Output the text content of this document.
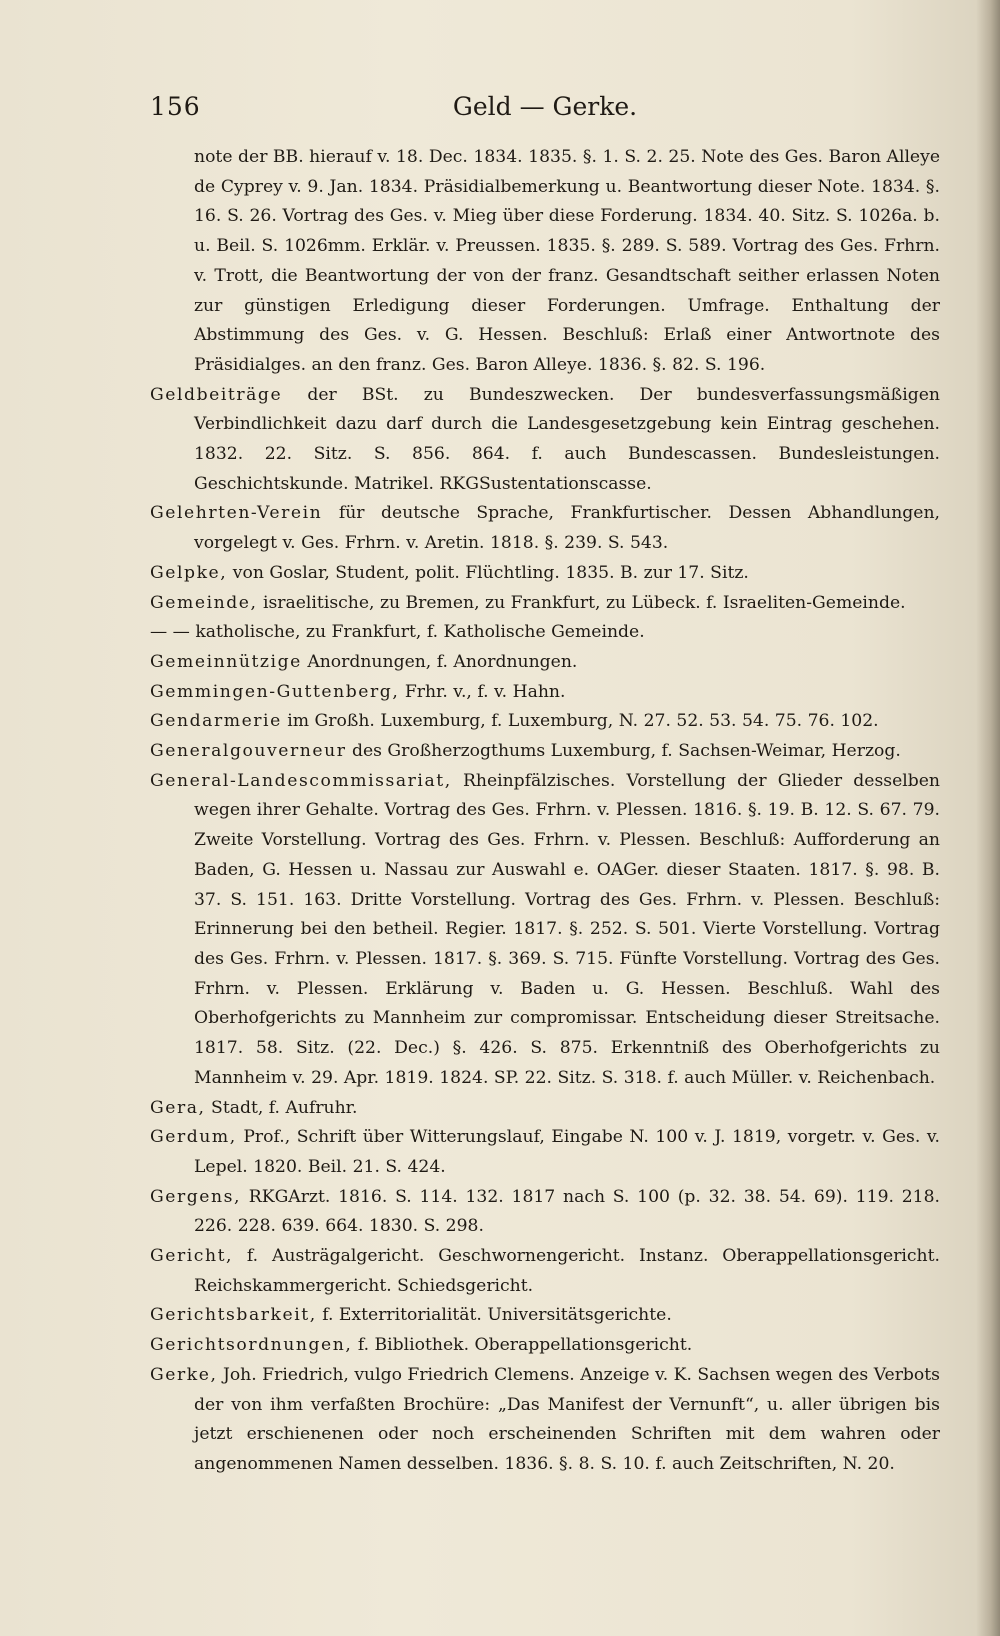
156	Geld — Gerke.

note der BB. hierauf v. 18. Dec. 1834. 1835. §. 1. S. 2. 25. Note des Ges. Baron Alleye de Cyprey v. 9. Jan. 1834. Präsidialbemerkung u. Beantwortung dieser Note. 1834. §. 16. S. 26. Vortrag des Ges. v. Mieg über diese Forderung. 1834. 40. Sitz. S. 1026a. b. u. Beil. S. 1026mm. Erklär. v. Preussen. 1835. §. 289. S. 589. Vortrag des Ges. Frhrn. v. Trott, die Beantwortung der von der franz. Gesandtschaft seither erlassen Noten zur günstigen Erledigung dieser Forderungen. Umfrage. Enthaltung der Abstimmung des Ges. v. G. Hessen. Beschluß: Erlaß einer Antwortnote des Präsidialges. an den franz. Ges. Baron Alleye. 1836. §. 82. S. 196.

Geldbeiträge der BSt. zu Bundeszwecken. Der bundesverfassungsmäßigen Verbindlichkeit dazu darf durch die Landesgesetzgebung kein Eintrag geschehen. 1832. 22. Sitz. S. 856. 864. f. auch Bundescassen. Bundesleistungen. Geschichtskunde. Matrikel. RKGSustentationscasse.

Gelehrten-Verein für deutsche Sprache, Frankfurtischer. Dessen Abhandlungen, vorgelegt v. Ges. Frhrn. v. Aretin. 1818. §. 239. S. 543.

Gelpke, von Goslar, Student, polit. Flüchtling. 1835. B. zur 17. Sitz.

Gemeinde, israelitische, zu Bremen, zu Frankfurt, zu Lübeck. f. Israeliten-Gemeinde.

— — katholische, zu Frankfurt, f. Katholische Gemeinde.

Gemeinnützige Anordnungen, f. Anordnungen.

Gemmingen-Guttenberg, Frhr. v., f. v. Hahn.

Gendarmerie im Großh. Luxemburg, f. Luxemburg, N. 27. 52. 53. 54. 75. 76. 102.

Generalgouverneur des Großherzogthums Luxemburg, f. Sachsen-Weimar, Herzog.

General-Landescommissariat, Rheinpfälzisches. Vorstellung der Glieder desselben wegen ihrer Gehalte. Vortrag des Ges. Frhrn. v. Plessen. 1816. §. 19. B. 12. S. 67. 79. Zweite Vorstellung. Vortrag des Ges. Frhrn. v. Plessen. Beschluß: Aufforderung an Baden, G. Hessen u. Nassau zur Auswahl e. OAGer. dieser Staaten. 1817. §. 98. B. 37. S. 151. 163. Dritte Vorstellung. Vortrag des Ges. Frhrn. v. Plessen. Beschluß: Erinnerung bei den betheil. Regier. 1817. §. 252. S. 501. Vierte Vorstellung. Vortrag des Ges. Frhrn. v. Plessen. 1817. §. 369. S. 715. Fünfte Vorstellung. Vortrag des Ges. Frhrn. v. Plessen. Erklärung v. Baden u. G. Hessen. Beschluß. Wahl des Oberhofgerichts zu Mannheim zur compromissar. Entscheidung dieser Streitsache. 1817. 58. Sitz. (22. Dec.) §. 426. S. 875. Erkenntniß des Oberhofgerichts zu Mannheim v. 29. Apr. 1819. 1824. SP. 22. Sitz. S. 318. f. auch Müller. v. Reichenbach.

Gera, Stadt, f. Aufruhr.

Gerdum, Prof., Schrift über Witterungslauf, Eingabe N. 100 v. J. 1819, vorgetr. v. Ges. v. Lepel. 1820. Beil. 21. S. 424.

Gergens, RKGArzt. 1816. S. 114. 132. 1817 nach S. 100 (p. 32. 38. 54. 69). 119. 218. 226. 228. 639. 664. 1830. S. 298.

Gericht, f. Austrägalgericht. Geschwornengericht. Instanz. Oberappellationsgericht. Reichskammergericht. Schiedsgericht.

Gerichtsbarkeit, f. Exterritorialität. Universitätsgerichte.

Gerichtsordnungen, f. Bibliothek. Oberappellationsgericht.

Gerke, Joh. Friedrich, vulgo Friedrich Clemens. Anzeige v. K. Sachsen wegen des Verbots der von ihm verfaßten Brochüre: „Das Manifest der Vernunft“, u. aller übrigen bis jetzt erschienenen oder noch erscheinenden Schriften mit dem wahren oder angenommenen Namen desselben. 1836. §. 8. S. 10. f. auch Zeitschriften, N. 20.
